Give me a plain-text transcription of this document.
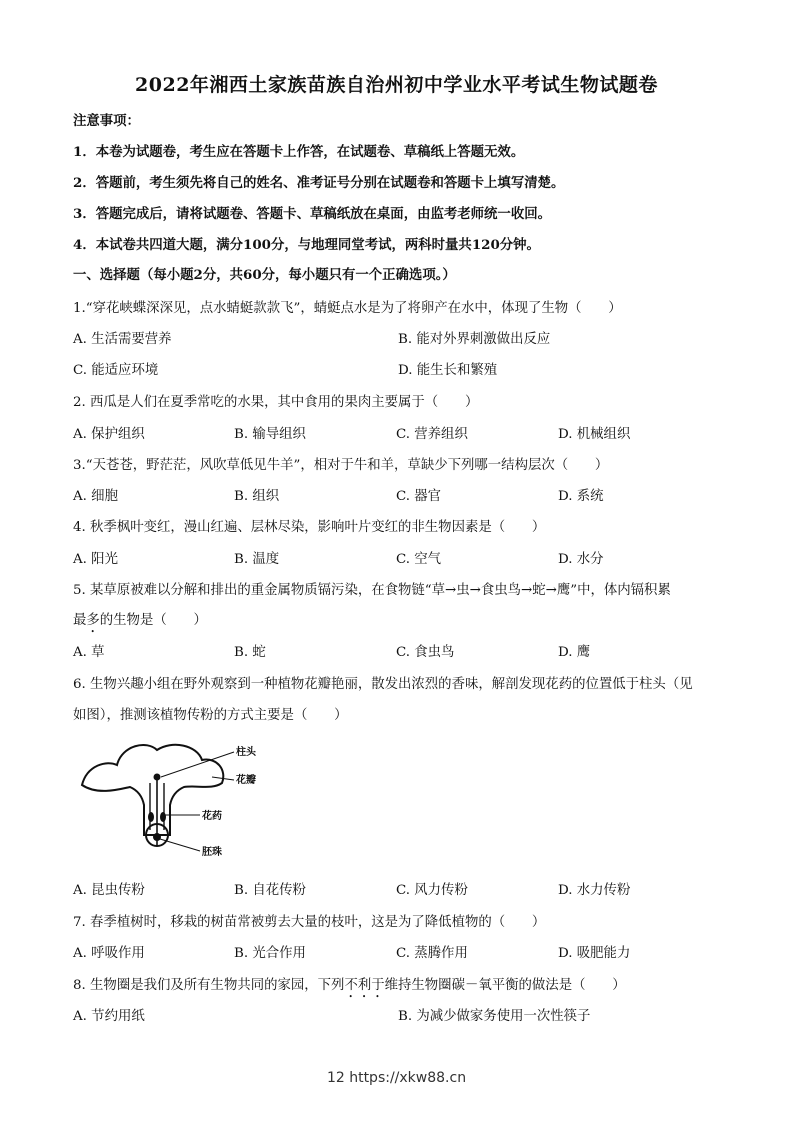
2022年湘西土家族苗族自治州初中学业水平考试生物试题卷
注意事项：
1．本卷为试题卷，考生应在答题卡上作答，在试题卷、草稿纸上答题无效。
2．答题前，考生须先将自己的姓名、准考证号分别在试题卷和答题卡上填写清楚。
3．答题完成后，请将试题卷、答题卡、草稿纸放在桌面，由监考老师统一收回。
4．本试卷共四道大题，满分100分，与地理同堂考试，两科时量共120分钟。
一、选择题（每小题2分，共60分，每小题只有一个正确选项。）
1.“穿花峡蝶深深见，点水蜻蜓款款飞”，蜻蜓点水是为了将卵产在水中，体现了生物（　　）
A. 生活需要营养	B. 能对外界刺激做出反应
C. 能适应环境	D. 能生长和繁殖
2. 西瓜是人们在夏季常吃的水果，其中食用的果肉主要属于（　　）
A. 保护组织	B. 输导组织	C. 营养组织	D. 机械组织
3.“天苍苍，野茫茫，风吹草低见牛羊”，相对于牛和羊，草缺少下列哪一结构层次（　　）
A. 细胞	B. 组织	C. 器官	D. 系统
4. 秋季枫叶变红，漫山红遍、层林尽染，影响叶片变红的非生物因素是（　　）
A. 阳光	B. 温度	C. 空气	D. 水分
5. 某草原被难以分解和排出的重金属物质镉污染，在食物链“草→虫→食虫鸟→蛇→鹰”中，体内镉积累
最多的生物是（　　）
A. 草	B. 蛇	C. 食虫鸟	D. 鹰
6. 生物兴趣小组在野外观察到一种植物花瓣艳丽，散发出浓烈的香味，解剖发现花药的位置低于柱头（见
如图），推测该植物传粉的方式主要是（　　）
柱头
花瓣
花药
胚珠
A. 昆虫传粉	B. 自花传粉	C. 风力传粉	D. 水力传粉
7. 春季植树时，移栽的树苗常被剪去大量的枝叶，这是为了降低植物的（　　）
A. 呼吸作用	B. 光合作用	C. 蒸腾作用	D. 吸肥能力
8. 生物圈是我们及所有生物共同的家园，下列不利于维持生物圈碳－氧平衡的做法是（　　）
A. 节约用纸	B. 为减少做家务使用一次性筷子
12 https://xkw88.cn
